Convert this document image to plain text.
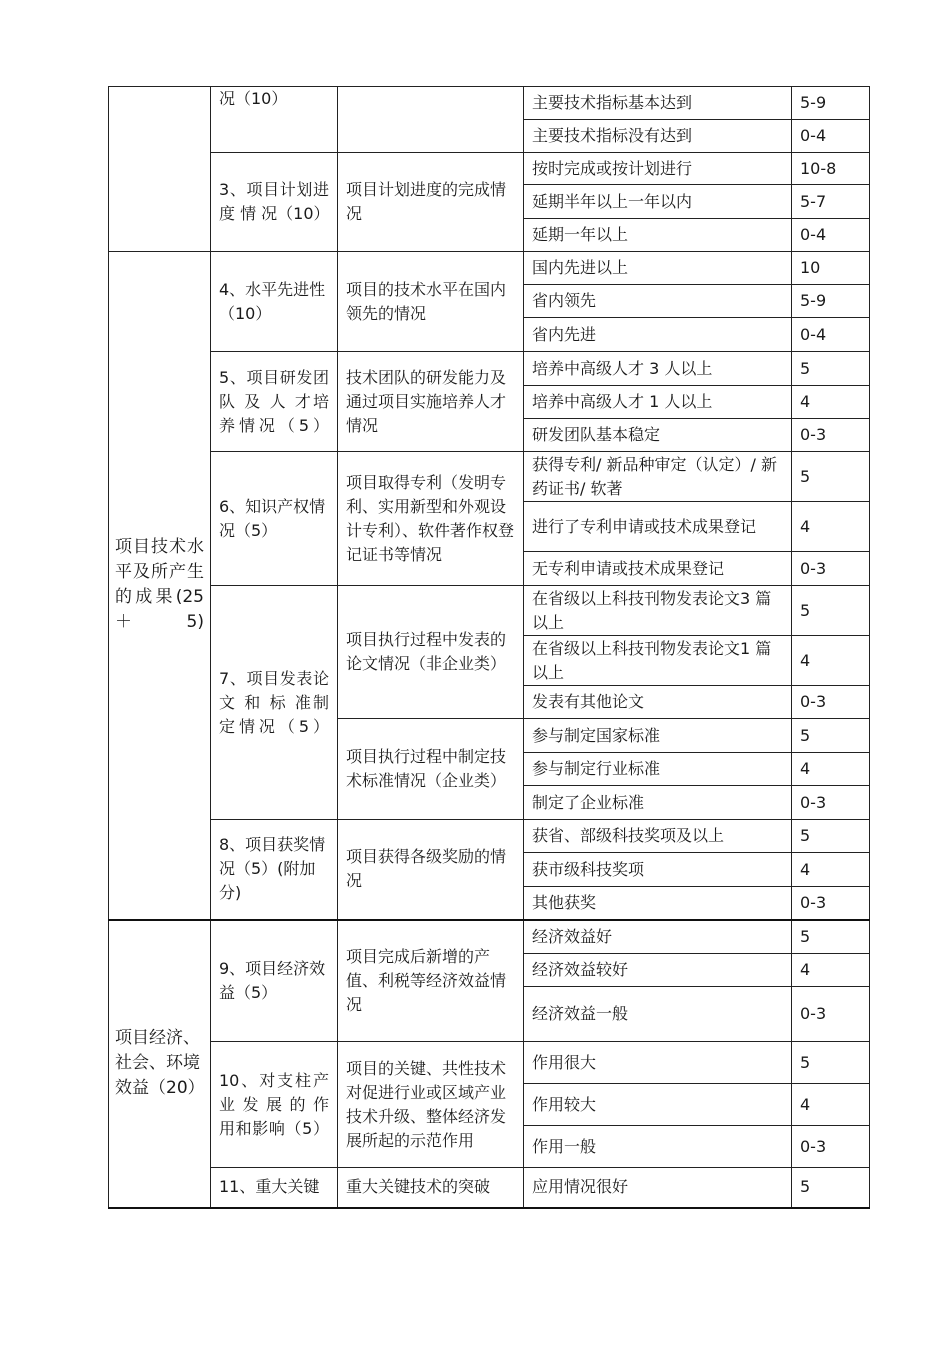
	况（10）		主要技术指标基本达到	5-9
			主要技术指标没有达到	0-4
	3、项目计划进 度 情 况（10）	项目计划进度的完成情况	按时完成或按计划进行	10-8
			延期半年以上一年以内	5-7
			延期一年以上	0-4
项目技术水平及所产生的成果(25＋5)	4、水平先进性（10）	项目的技术水平在国内领先的情况	国内先进以上	10
			省内领先	5-9
			省内先进	0-4
	5、项目研发团 队 及 人 才培养情况（5）	技术团队的研发能力及通过项目实施培养人才情况	培养中高级人才 3 人以上	5
			培养中高级人才 1 人以上	4
			研发团队基本稳定	0-3
	6、知识产权情况（5）	项目取得专利（发明专利、实用新型和外观设计专利）、软件著作权登记证书等情况	获得专利/ 新品种审定（认定）/ 新药证书/ 软著	5
			进行了专利申请或技术成果登记	4
			无专利申请或技术成果登记	0-3
	7、项目发表论 文 和 标 准制定情况（5）	项目执行过程中发表的论文情况（非企业类）	在省级以上科技刊物发表论文3 篇以上	5
			在省级以上科技刊物发表论文1 篇以上	4
			发表有其他论文	0-3
		项目执行过程中制定技术标准情况（企业类）	参与制定国家标准	5
			参与制定行业标准	4
			制定了企业标准	0-3
	8、项目获奖情况（5）(附加分)	项目获得各级奖励的情况	获省、部级科技奖项及以上	5
			获市级科技奖项	4
			其他获奖	0-3
项目经济、社会、环境效益（20）	9、项目经济效益（5）	项目完成后新增的产值、利税等经济效益情况	经济效益好	5
			经济效益较好	4
			经济效益一般	0-3
	10、对支柱产业 发 展 的 作用和影响（5）	项目的关键、共性技术对促进行业或区域产业技术升级、整体经济发展所起的示范作用	作用很大	5
			作用较大	4
			作用一般	0-3
	11、重大关键	重大关键技术的突破	应用情况很好	5
